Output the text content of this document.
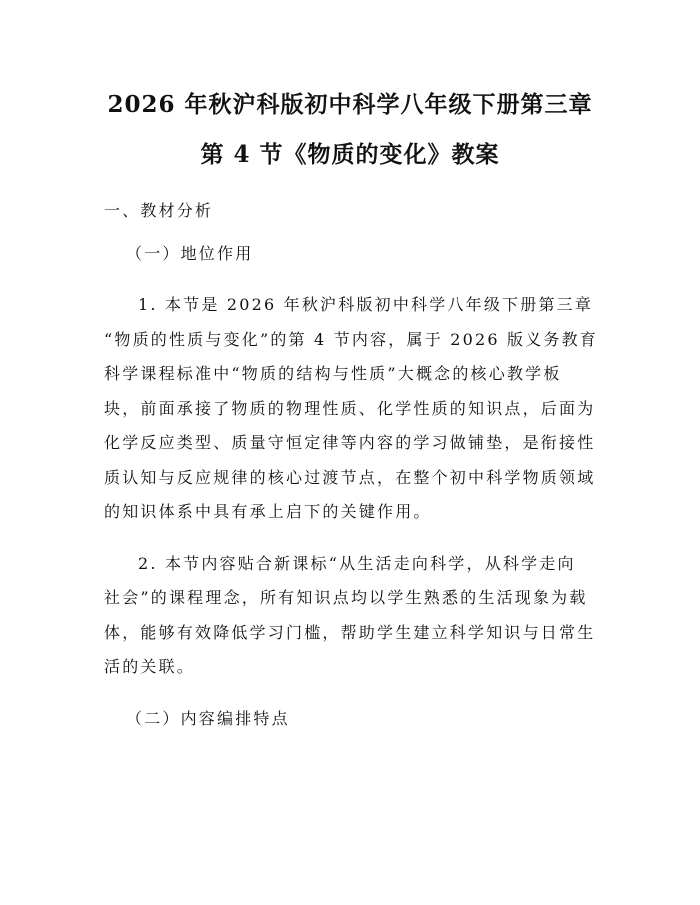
2026 年秋沪科版初中科学八年级下册第三章
第 4 节《物质的变化》教案
一、教材分析
（一）地位作用
1. 本节是 2026 年秋沪科版初中科学八年级下册第三章
“物质的性质与变化”的第 4 节内容，属于 2026 版义务教育
科学课程标准中“物质的结构与性质”大概念的核心教学板
块，前面承接了物质的物理性质、化学性质的知识点，后面为
化学反应类型、质量守恒定律等内容的学习做铺垫，是衔接性
质认知与反应规律的核心过渡节点，在整个初中科学物质领域
的知识体系中具有承上启下的关键作用。
2. 本节内容贴合新课标“从生活走向科学，从科学走向
社会”的课程理念，所有知识点均以学生熟悉的生活现象为载
体，能够有效降低学习门槛，帮助学生建立科学知识与日常生
活的关联。
（二）内容编排特点
